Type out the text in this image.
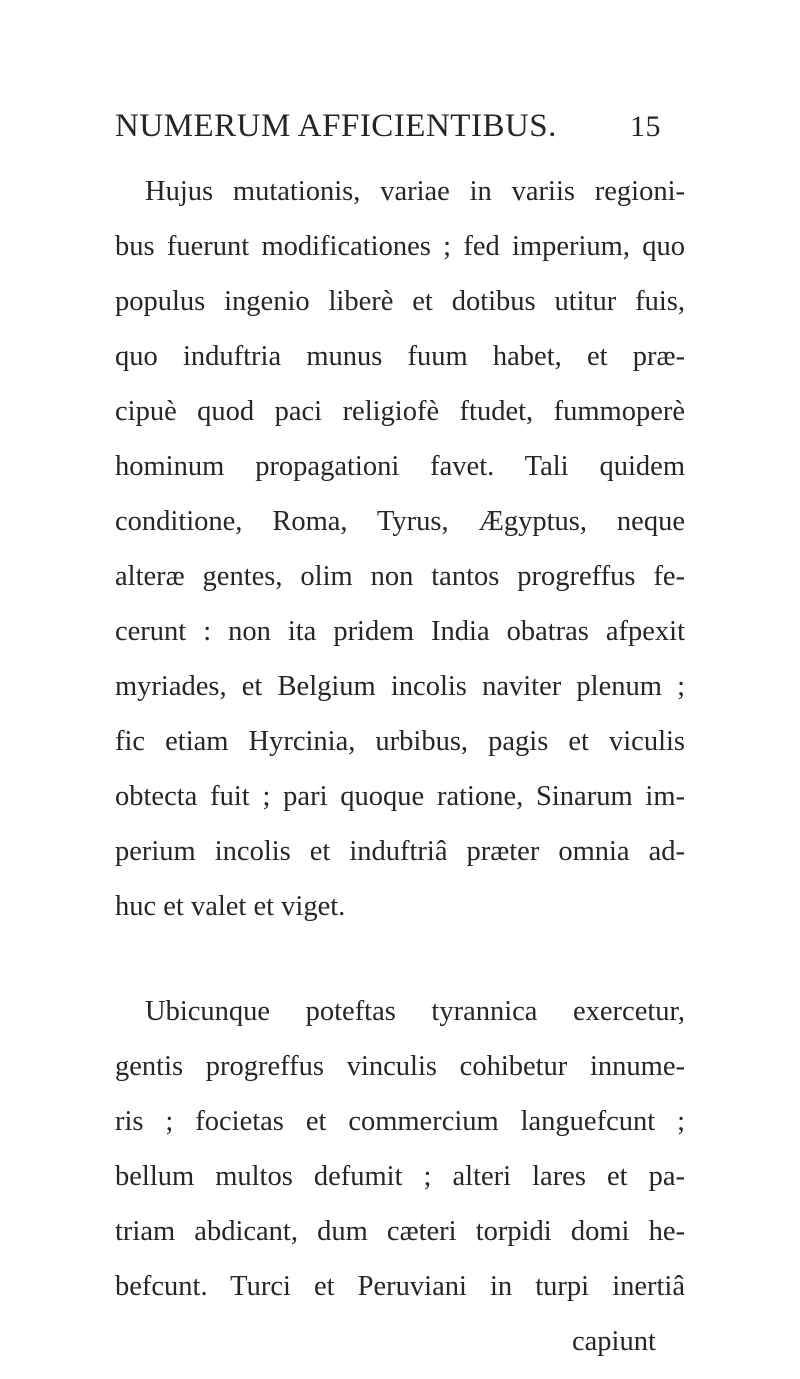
NUMERUM AFFICIENTIBUS. 15
Hujus mutationis, variae in variis regioni-
bus fuerunt modificationes ; fed imperium, quo
populus ingenio liberè et dotibus utitur fuis,
quo induftria munus fuum habet, et præ-
cipuè quod paci religiofè ftudet, fummoperè
hominum propagationi favet. Tali quidem
conditione, Roma, Tyrus, Ægyptus, neque
alteræ gentes, olim non tantos progreffus fe-
cerunt : non ita pridem India obatras afpexit
myriades, et Belgium incolis naviter plenum ;
fic etiam Hyrcinia, urbibus, pagis et viculis
obtecta fuit ; pari quoque ratione, Sinarum im-
perium incolis et induftriâ præter omnia ad-
huc et valet et viget.
Ubicunque poteftas tyrannica exercetur,
gentis progreffus vinculis cohibetur innume-
ris ; focietas et commercium languefcunt ;
bellum multos defumit ; alteri lares et pa-
triam abdicant, dum cæteri torpidi domi he-
befcunt. Turci et Peruviani in turpi inertiâ
capiunt
